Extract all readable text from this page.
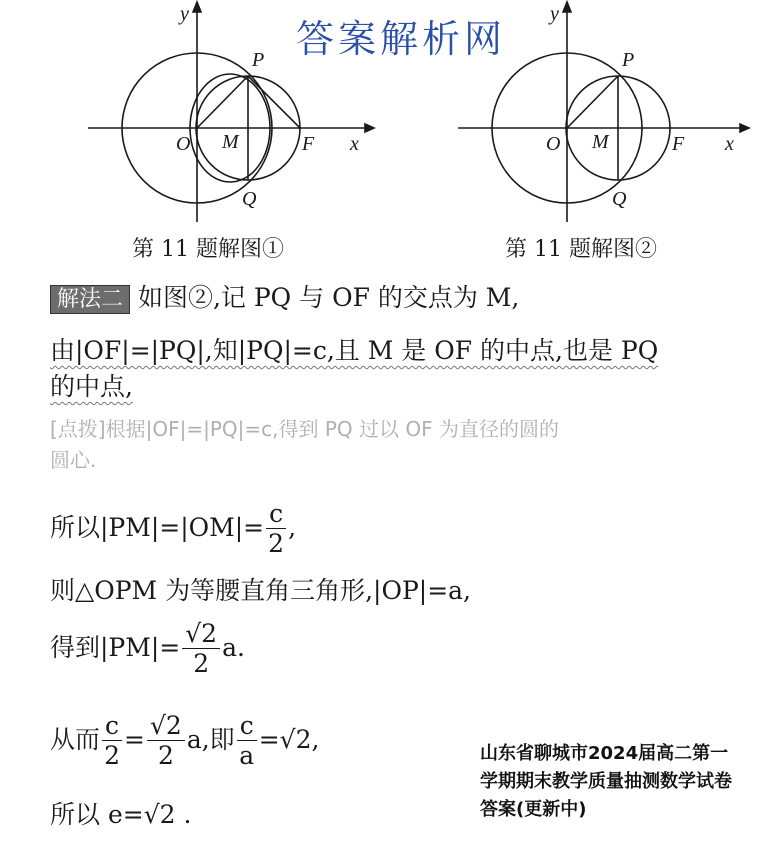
答案解析网
y
x
O M	F
P
Q
第 11 题解图①
y
x
O M	F
P
Q
第 11 题解图②
解法二 如图②,记 PQ 与 OF 的交点为 M,
由|OF|=|PQ|,知|PQ|=c,且 M 是 OF 的中点,也是 PQ
的中点,
[点拨]根据|OF|=|PQ|=c,得到 PQ 过以 OF 为直径的圆的
圆心.
所以$|PM|=|OM|= \frac{c}{2}$ ,
则△OPM 为等腰直角三角形,|OP|=a,
得到$|PM|= \frac{√2}{2} a$.
从而 $\frac{c}{2} = \frac{√2}{2} a$,即 $\frac{c}{a} =√2$,
所以 e=√2 .
山东省聊城市2024届高二第一
学期期末教学质量抽测数学试卷
答案(更新中)
